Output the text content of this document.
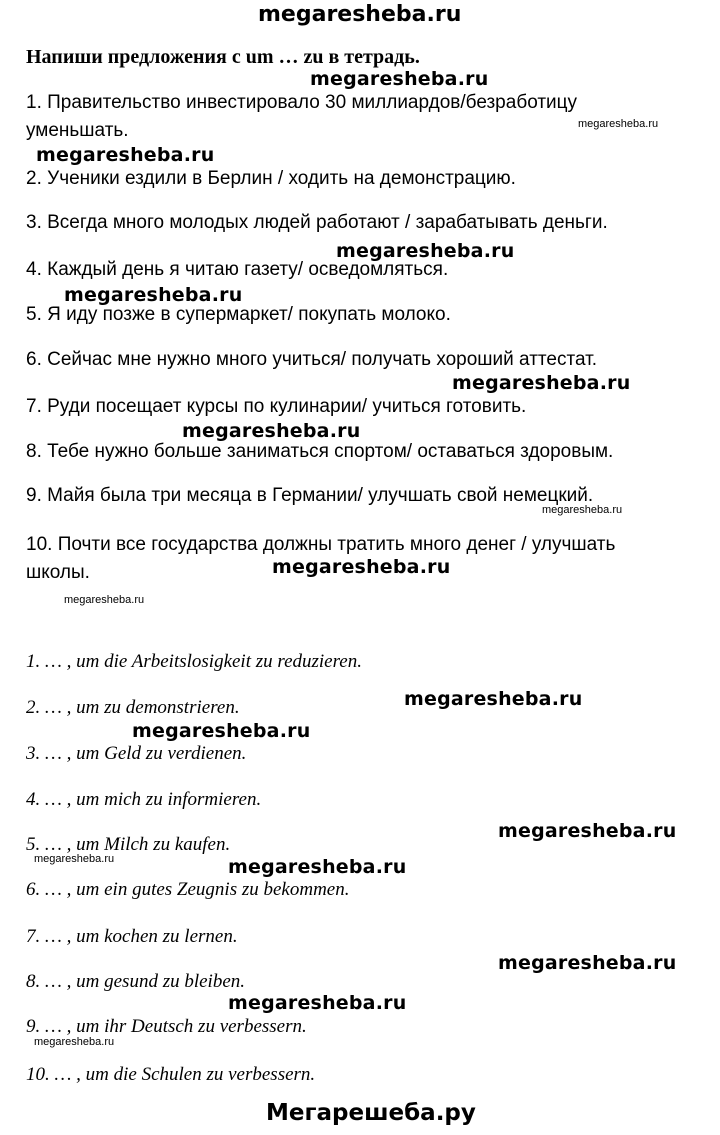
megaresheba.ru
Напиши предложения с um … zu в тетрадь.
1. Правительство инвестировало 30 миллиардов/безработицу
уменьшать.
2. Ученики ездили в Берлин / ходить на демонстрацию.
3. Всегда много молодых людей работают / зарабатывать деньги.
4. Каждый день я читаю газету/ осведомляться.
5. Я иду позже в супермаркет/ покупать молоко.
6. Сейчас мне нужно много учиться/ получать хороший аттестат.
7. Руди посещает курсы по кулинарии/ учиться готовить.
8. Тебе нужно больше заниматься спортом/ оставаться здоровым.
9. Майя была три месяца в Германии/ улучшать свой немецкий.
10. Почти все государства должны тратить много денег / улучшать
школы.
1. … , um die Arbeitslosigkeit zu reduzieren.
2. … , um zu demonstrieren.
3. … , um Geld zu verdienen.
4. … , um mich zu informieren.
5. … , um Milch zu kaufen.
6. … , um ein gutes Zeugnis zu bekommen.
7. … , um kochen zu lernen.
8. … , um gesund zu bleiben.
9. … , um ihr Deutsch zu verbessern.
10. … , um die Schulen zu verbessern.
megaresheba.ru
megaresheba.ru
megaresheba.ru
megaresheba.ru
megaresheba.ru
megaresheba.ru
megaresheba.ru
megaresheba.ru
megaresheba.ru
megaresheba.ru
megaresheba.ru
megaresheba.ru
megaresheba.ru
megaresheba.ru
megaresheba.ru
megaresheba.ru
megaresheba.ru
megaresheba.ru
Мегарешеба.ру
